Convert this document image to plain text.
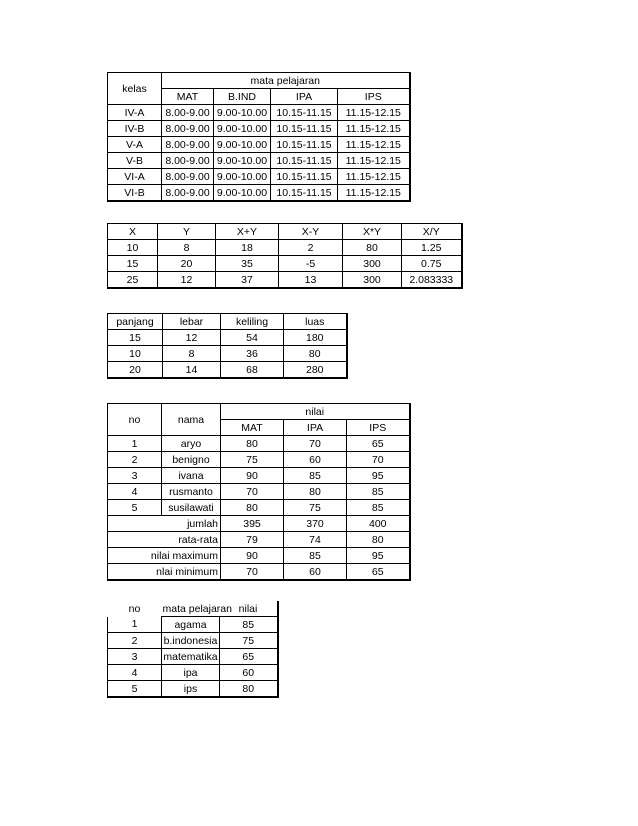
kelas	mata pelajaran			
	MAT	B.IND	IPA	IPS
IV-A	8.00-9.00	9.00-10.00	10.15-11.15	11.15-12.15
IV-B	8.00-9.00	9.00-10.00	10.15-11.15	11.15-12.15
V-A	8.00-9.00	9.00-10.00	10.15-11.15	11.15-12.15
V-B	8.00-9.00	9.00-10.00	10.15-11.15	11.15-12.15
VI-A	8.00-9.00	9.00-10.00	10.15-11.15	11.15-12.15
VI-B	8.00-9.00	9.00-10.00	10.15-11.15	11.15-12.15
X	Y	X+Y	X-Y	X*Y	X/Y
10	8	18	2	80	1.25
15	20	35	-5	300	0.75
25	12	37	13	300	2.083333
panjang	lebar	keliling	luas
15	12	54	180
10	8	36	80
20	14	68	280
no	nama	nilai		
		MAT	IPA	IPS
1	aryo	80	70	65
2	benigno	75	60	70
3	ivana	90	85	95
4	rusmanto	70	80	85
5	susilawati	80	75	85
jumlah		395	370	400
rata-rata		79	74	80
nilai maximum		90	85	95
nlai minimum		70	60	65
no	mata pelajaran	nilai
1	agama	85
2	b.indonesia	75
3	matematika	65
4	ipa	60
5	ips	80
